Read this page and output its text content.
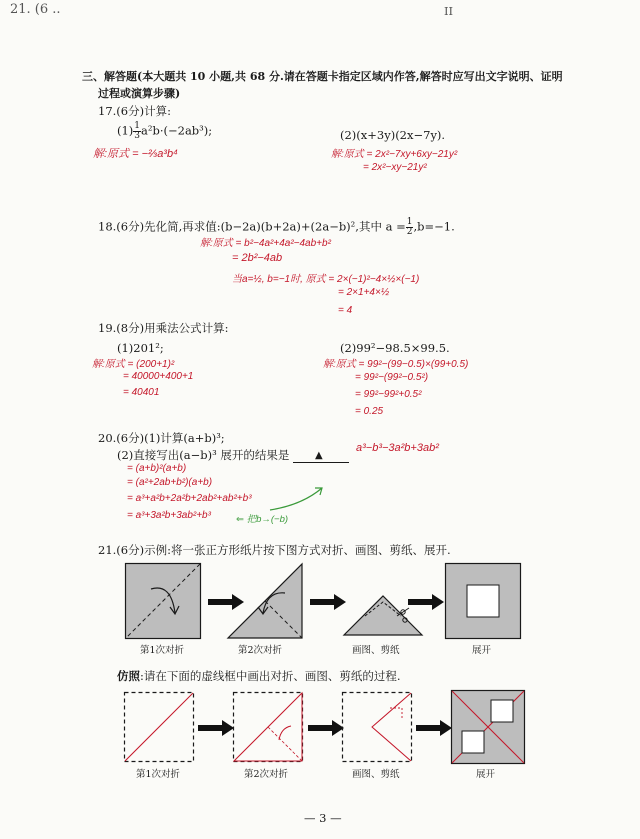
21. (6 ..	II
三、解答题(本大题共 10 小题,共 68 分.请在答题卡指定区域内作答,解答时应写出文字说明、证明
过程或演算步骤)
17.(6分)计算:
$(1) \frac{1}{3} a^2b\cdot(-2ab^3)$;
解:原式 = −⅔a³b⁴
(2)(x+3y)(2x−7y).
解:原式 = 2x²−7xy+6xy−21y²
= 2x²−xy−21y²
18.(6分)先化简,再求值:(b−2a)(b+2a)+(2a−b)²,其中 $a = \frac{1}{2} ,b=-1$.
解:原式 = b²−4a²+4a²−4ab+b²
= 2b²−4ab
当a=½, b=−1时, 原式 = 2×(−1)²−4×½×(−1)
= 2×1+4×½
= 4
19.(8分)用乘法公式计算:
(1)201²;
解:原式 = (200+1)²
= 40000+400+1
= 40401
(2)99²−98.5×99.5.
解:原式 = 99²−(99−0.5)×(99+0.5)
= 99²−(99²−0.5²)
= 99²−99²+0.5²
= 0.25
20.(6分)(1)计算(a+b)³;
(2)直接写出(a−b)³ 展开的结果是	▲
a³−b³−3a²b+3ab²
= (a+b)²(a+b)
= (a²+2ab+b²)(a+b)
= a³+a²b+2a²b+2ab²+ab²+b³
= a³+3a²b+3ab²+b³	⇐ 把b→(−b)
21.(6分)示例:将一张正方形纸片按下图方式对折、画图、剪纸、展开.
第1次对折	第2次对折	画图、剪纸	展开
仿照:请在下面的虚线框中画出对折、画图、剪纸的过程.
第1次对折	第2次对折	画图、剪纸	展开
— 3 —
